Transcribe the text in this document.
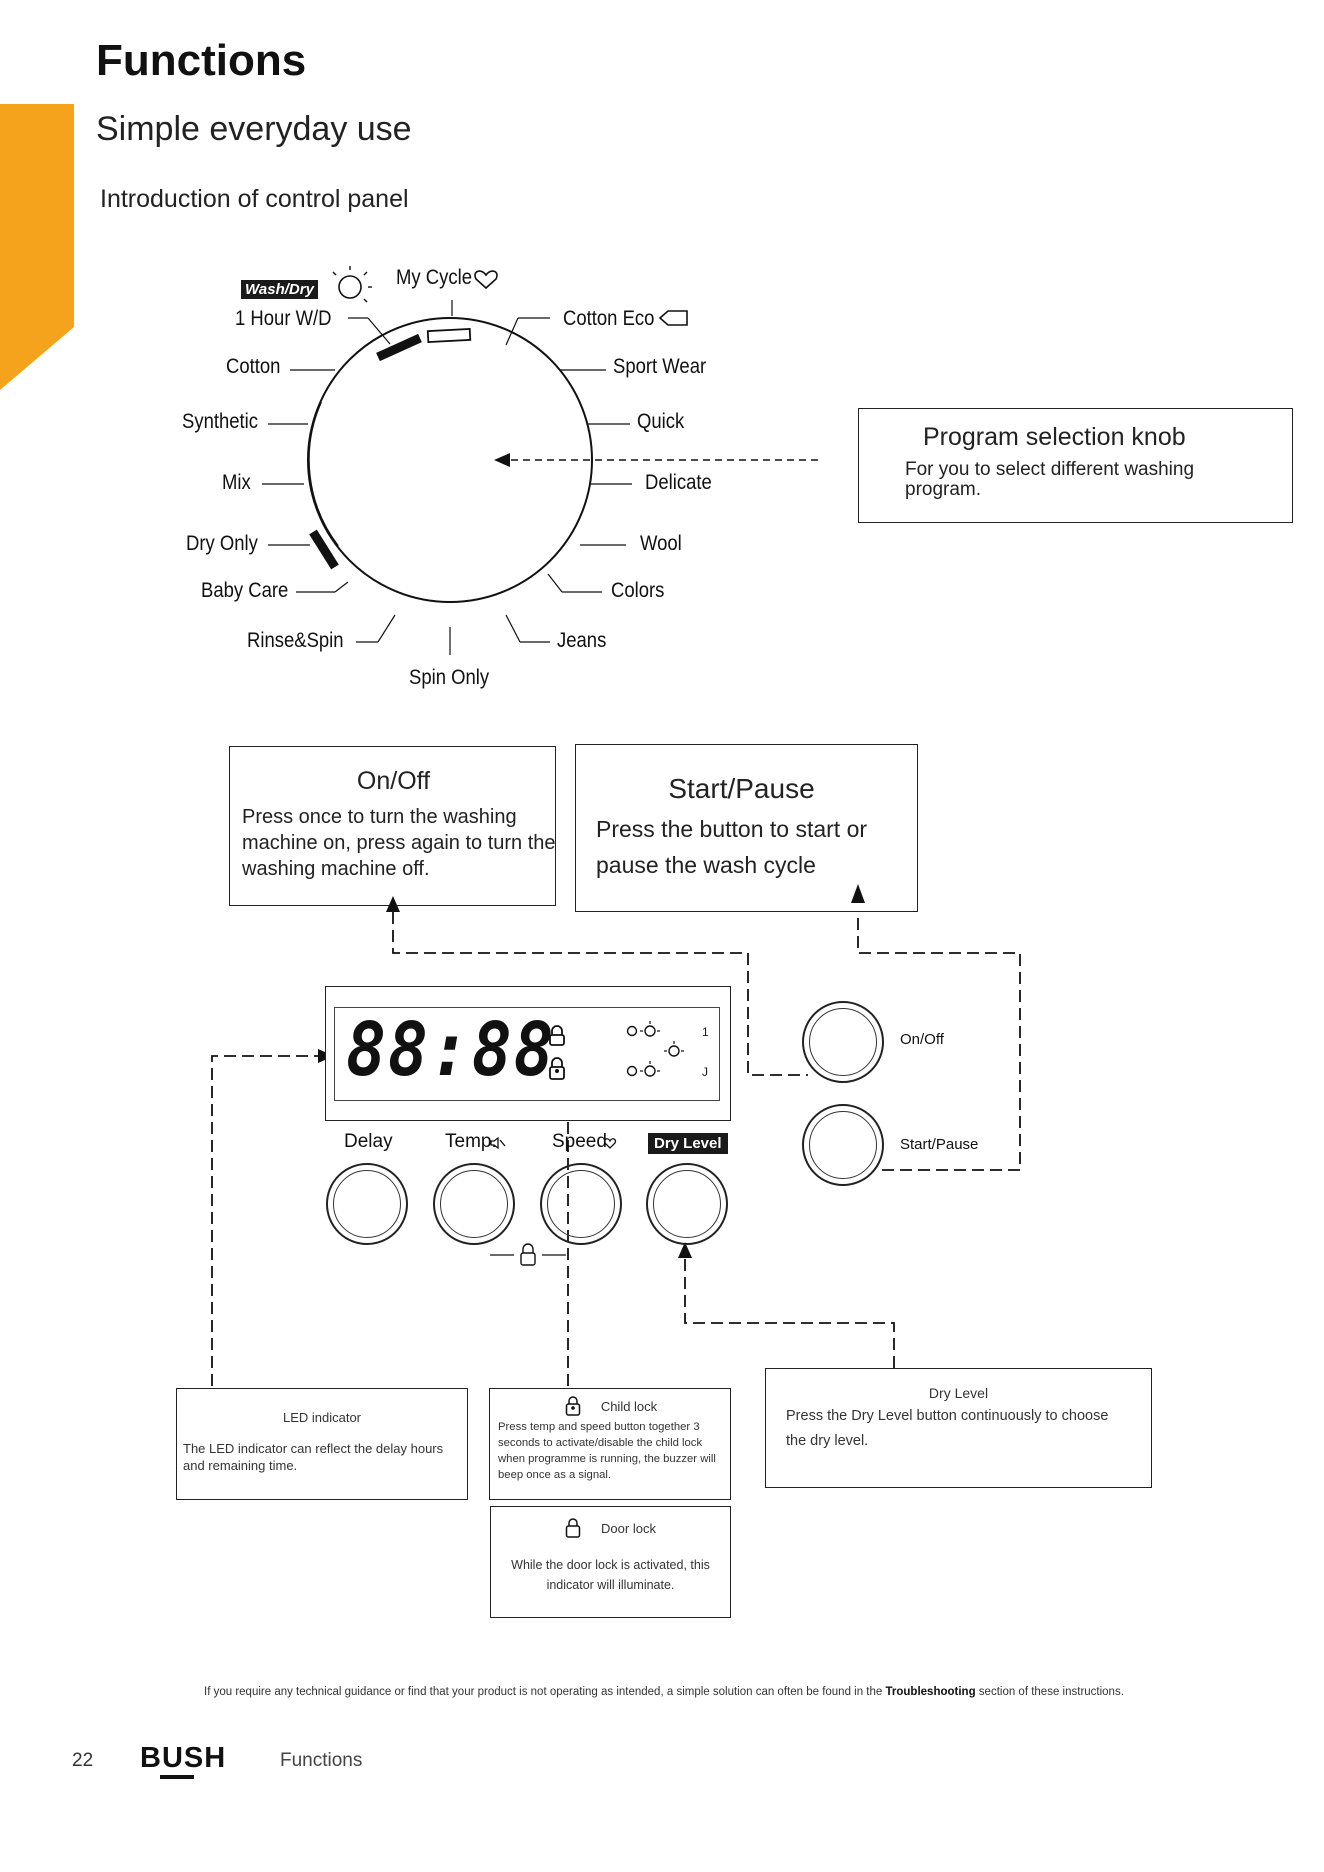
Functions
Simple everyday use
Introduction of control panel
Wash/Dry
My Cycle
1 Hour W/D
Cotton
Synthetic
Mix
Dry Only
Baby Care
Rinse&Spin
Spin Only
Cotton Eco
Sport Wear
Quick
Delicate
Wool
Colors
Jeans
Program selection knob
For you to select different washing program.
On/Off
Press once to turn the washing machine on, press again to turn the washing machine off.
Start/Pause
Press the button to start or pause the wash cycle
88:88	1
J
Delay	Temp.	Speed	Dry Level
On/Off
Start/Pause
LED indicator
The LED indicator can reflect the delay hours and remaining time.
Child lock
Press temp and speed button together 3 seconds to activate/disable the child lock when programme is running, the buzzer will beep once as a signal.
Door lock
While the door lock is activated, this indicator will illuminate.
Dry Level
Press the Dry Level button continuously to choose the dry level.
If you require any technical guidance or find that your product is not operating as intended, a simple solution can often be found in the Troubleshooting section of these instructions.
22 BUSH	Functions
